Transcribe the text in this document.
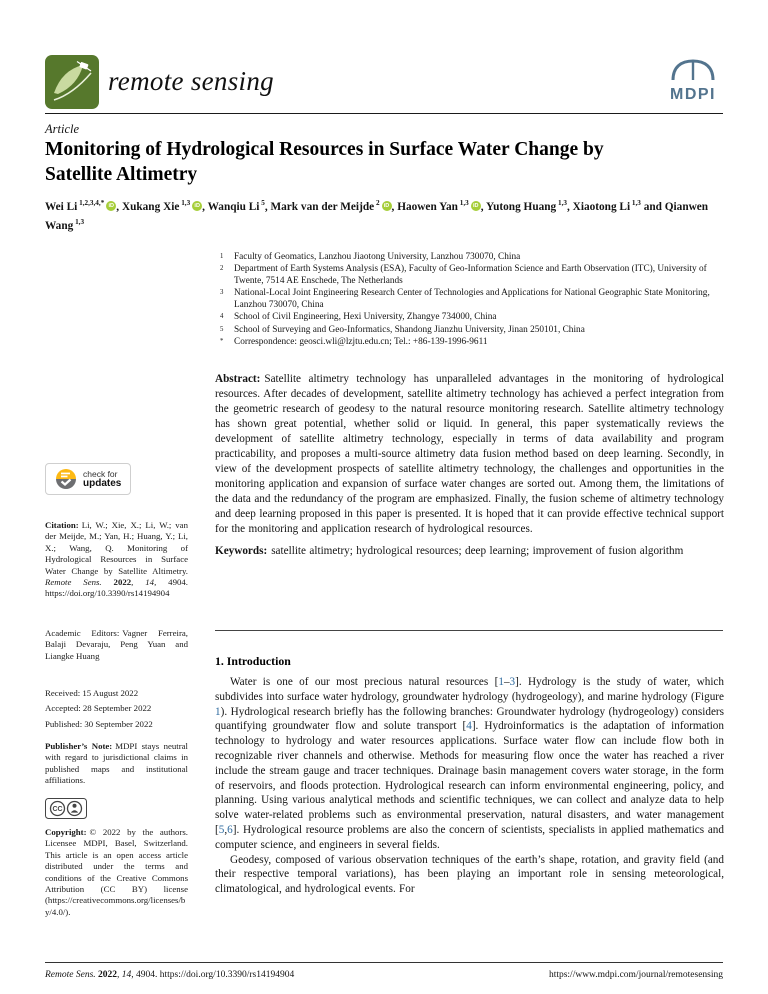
remote sensing	MDPI
Article
Monitoring of Hydrological Resources in Surface Water Change by Satellite Altimetry
Wei Li $^{1,2,3,4,*}$ iD , Xukang Xie $^{1,3}$ iD , Wanqiu Li $^5$, Mark van der Meijde $^2$ iD , Haowen Yan $^{1,3}$ iD , Yutong Huang $^{1,3}$, Xiaotong Li $^{1,3}$ and Qianwen Wang $^{1,3}$
1 Faculty of Geomatics, Lanzhou Jiaotong University, Lanzhou 730070, China
2 Department of Earth Systems Analysis (ESA), Faculty of Geo-Information Science and Earth Observation (ITC), University of Twente, 7514 AE Enschede, The Netherlands
3 National-Local Joint Engineering Research Center of Technologies and Applications for National Geographic State Monitoring, Lanzhou 730070, China
4 School of Civil Engineering, Hexi University, Zhangye 734000, China
5 School of Surveying and Geo-Informatics, Shandong Jianzhu University, Jinan 250101, China
* Correspondence: geosci.wli@lzjtu.edu.cn; Tel.: +86-139-1996-9611

Abstract: Satellite altimetry technology has unparalleled advantages in the monitoring of hydrological resources. After decades of development, satellite altimetry technology has achieved a perfect integration from the geometric research of geodesy to the natural resource monitoring research. Satellite altimetry technology has shown great potential, whether solid or liquid. In general, this paper systematically reviews the development of satellite altimetry technology, especially in terms of data availability and program practicability, and proposes a multi-source altimetry data fusion method based on deep learning. Secondly, in view of the development prospects of satellite altimetry technology, the challenges and opportunities in the monitoring application and expansion of surface water changes are sorted out. Among them, the limitations of the data and the redundancy of the program are emphasized. Finally, the fusion scheme of altimetry technology and deep learning proposed in this paper is presented. It is hoped that it can provide effective technical support for the monitoring and application research of hydrological resources.

Keywords: satellite altimetry; hydrological resources; deep learning; improvement of fusion algorithm

check for
updates
Citation: Li, W.; Xie, X.; Li, W.; van der Meijde, M.; Yan, H.; Huang, Y.; Li, X.; Wang, Q. Monitoring of Hydrological Resources in Surface Water Change by Satellite Altimetry. Remote Sens. 2022, 14, 4904. https://doi.org/10.3390/rs14194904
Academic Editors: Vagner Ferreira, Balaji Devaraju, Peng Yuan and Liangke Huang
Received: 15 August 2022
Accepted: 28 September 2022
Published: 30 September 2022
Publisher’s Note: MDPI stays neutral with regard to jurisdictional claims in published maps and institutional affiliations.
CC
Copyright: © 2022 by the authors. Licensee MDPI, Basel, Switzerland. This article is an open access article distributed under the terms and conditions of the Creative Commons Attribution (CC BY) license (https://creativecommons.org/licenses/by/4.0/).
1. Introduction

Water is one of our most precious natural resources [1–3]. Hydrology is the study of water, which subdivides into surface water hydrology, groundwater hydrology (hydrogeology), and marine hydrology (Figure 1). Hydrological research briefly has the following branches: Groundwater hydrology (hydrogeology) considers quantifying groundwater flow and solute transport [4]. Hydroinformatics is the adaptation of information technology to hydrology and water resources applications. Surface water flow can include flow both in recognizable river channels and otherwise. Methods for measuring flow once the water has reached a river include the stream gauge and tracer techniques. Drainage basin management covers water storage, in the form of reservoirs, and floods protection. Hydrological research can inform environmental engineering, policy, and planning. Using various analytical methods and scientific techniques, we can collect and analyze data to help solve water-related problems such as environmental preservation, natural disasters, and water management [5,6]. Hydrological resource problems are also the concern of scientists, specialists in applied mathematics and computer science, and engineers in several fields.

Geodesy, composed of various observation techniques of the earth’s shape, rotation, and gravity field (and their respective temporal variations), has been playing an important role in sensing meteorological, climatological, and hydrological events. For

Remote Sens. 2022, 14, 4904. https://doi.org/10.3390/rs14194904	https://www.mdpi.com/journal/remotesensing
